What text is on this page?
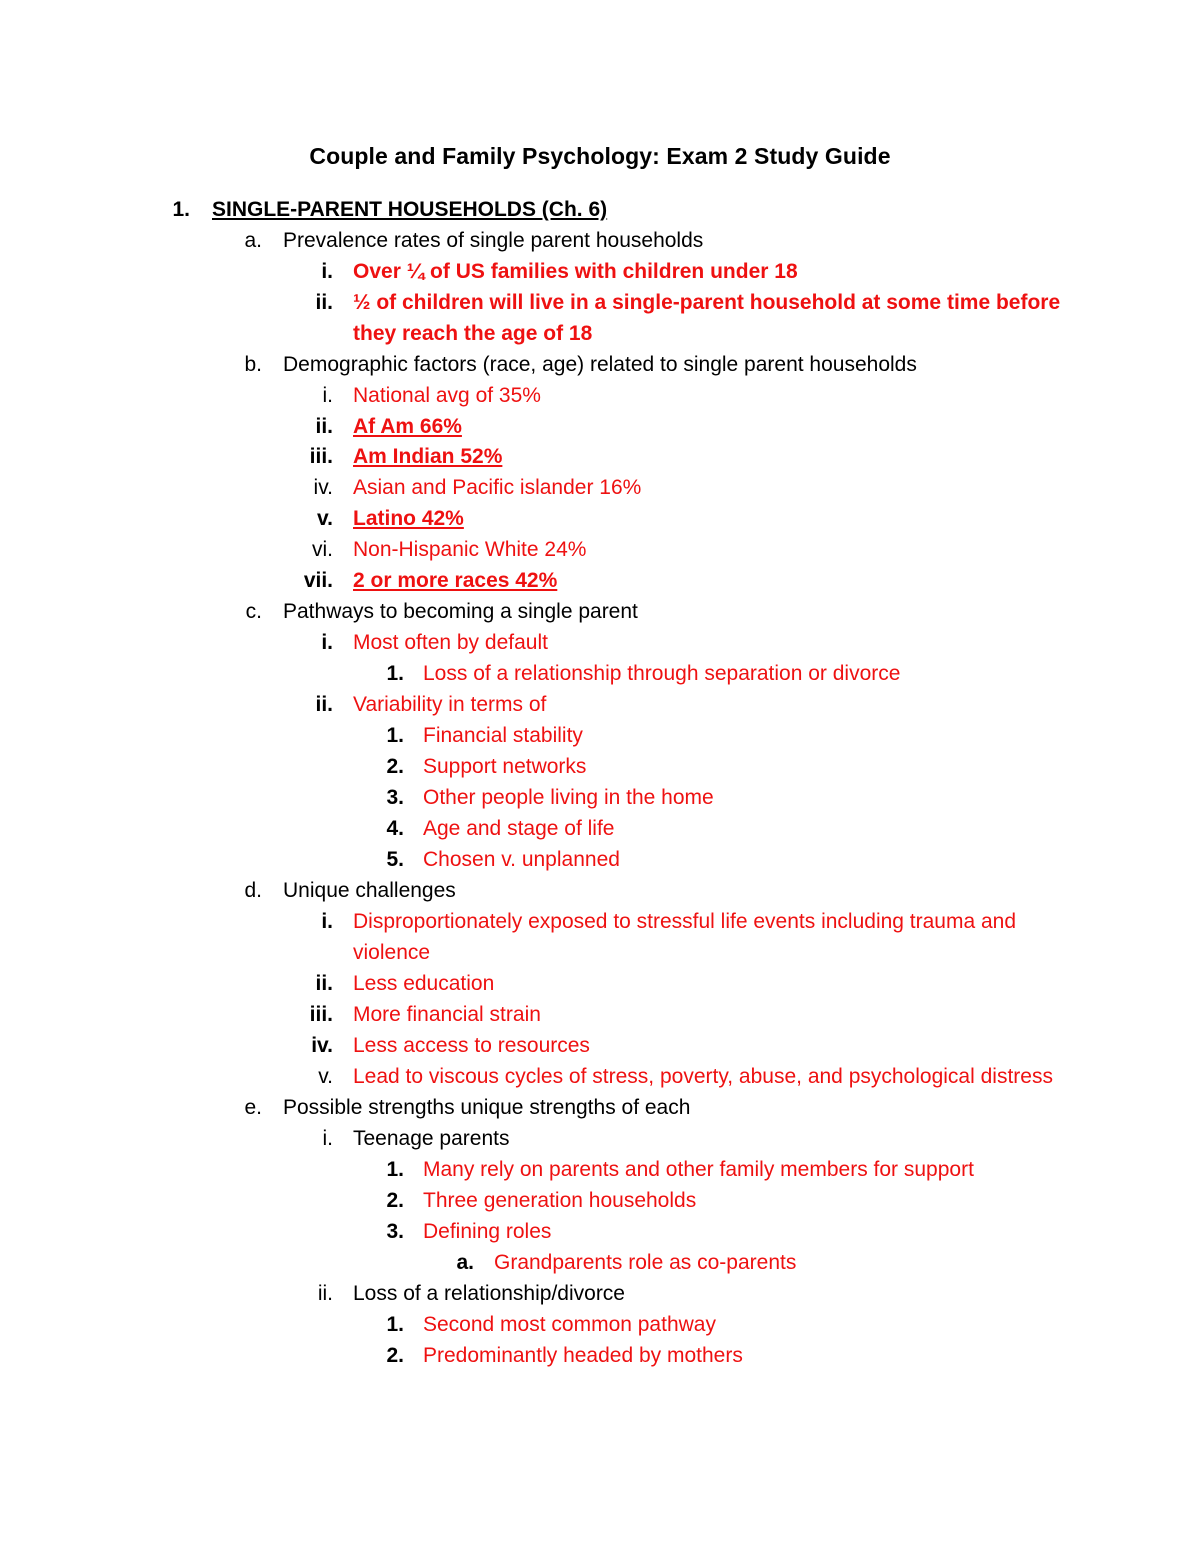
Couple and Family Psychology: Exam 2 Study Guide
1. SINGLE-PARENT HOUSEHOLDS (Ch. 6)
a. Prevalence rates of single parent households
i. Over ¼ of US families with children under 18
ii. ½ of children will live in a single-parent household at some time before
they reach the age of 18
b. Demographic factors (race, age) related to single parent households
i. National avg of 35%
ii. Af Am 66%
iii. Am Indian 52%
iv. Asian and Pacific islander 16%
v. Latino 42%
vi. Non-Hispanic White 24%
vii. 2 or more races 42%
c. Pathways to becoming a single parent
i. Most often by default
1. Loss of a relationship through separation or divorce
ii. Variability in terms of
1. Financial stability
2. Support networks
3. Other people living in the home
4. Age and stage of life
5. Chosen v. unplanned
d. Unique challenges
i. Disproportionately exposed to stressful life events including trauma and
violence
ii. Less education
iii. More financial strain
iv. Less access to resources
v. Lead to viscous cycles of stress, poverty, abuse, and psychological distress
e. Possible strengths unique strengths of each
i. Teenage parents
1. Many rely on parents and other family members for support
2. Three generation households
3. Defining roles
a. Grandparents role as co-parents
ii. Loss of a relationship/divorce
1. Second most common pathway
2. Predominantly headed by mothers
